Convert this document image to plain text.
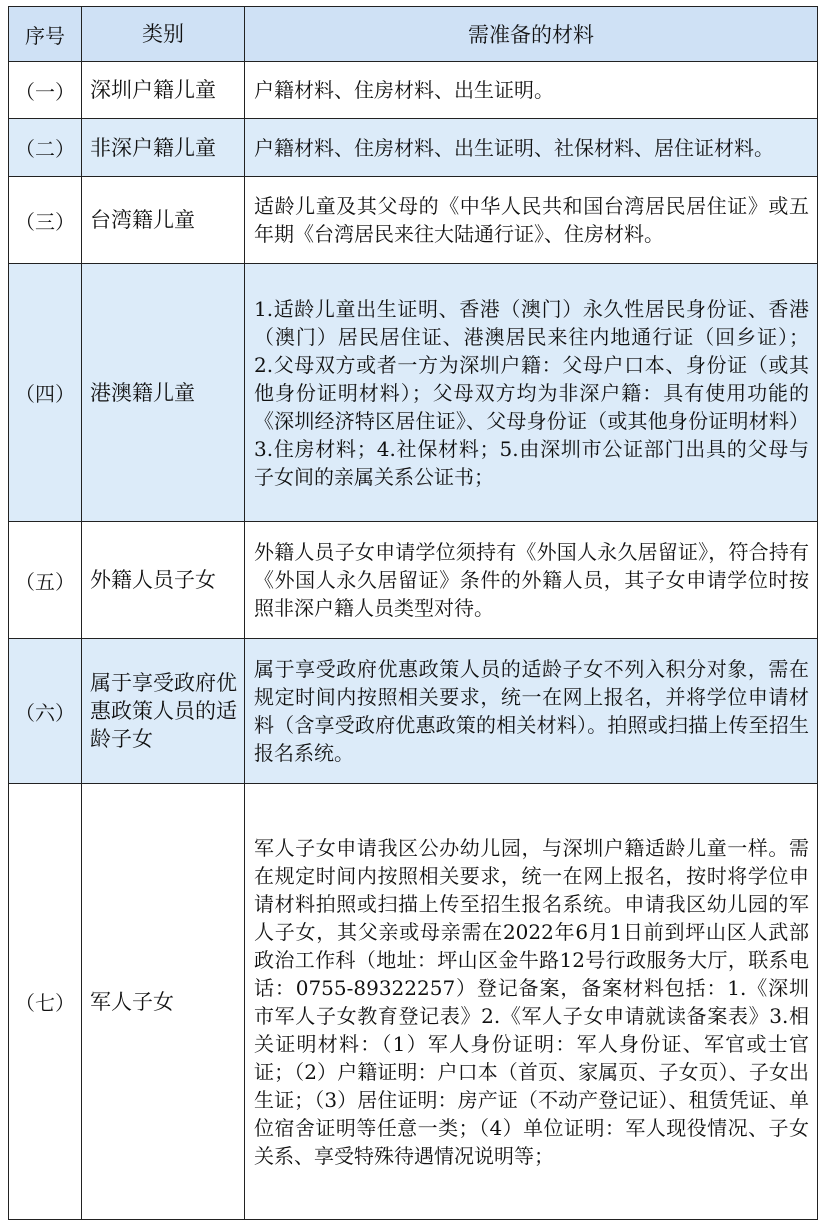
序号	类别	需准备的材料
（一）	深圳户籍儿童	户籍材料、住房材料、出生证明。
（二）	非深户籍儿童	户籍材料、住房材料、出生证明、社保材料、居住证材料。
（三）	台湾籍儿童	适龄儿童及其父母的《中华人民共和国台湾居民居住证》或五年期《台湾居民来往大陆通行证》、住房材料。
（四）	港澳籍儿童	1.适龄儿童出生证明、香港（澳门）永久性居民身份证、香港（澳门）居民居住证、港澳居民来往内地通行证（回乡证）； 2.父母双方或者一方为深圳户籍：父母户口本、身份证（或其他身份证明材料）；父母双方均为非深户籍：具有使用功能的《深圳经济特区居住证》、父母身份证（或其他身份证明材料）3.住房材料；4.社保材料；5.由深圳市公证部门出具的父母与子女间的亲属关系公证书；
（五）	外籍人员子女	外籍人员子女申请学位须持有《外国人永久居留证》，符合持有《外国人永久居留证》条件的外籍人员，其子女申请学位时按照非深户籍人员类型对待。
（六）	属于享受政府优惠政策人员的适龄子女	属于享受政府优惠政策人员的适龄子女不列入积分对象，需在规定时间内按照相关要求，统一在网上报名，并将学位申请材料（含享受政府优惠政策的相关材料）。拍照或扫描上传至招生报名系统。
（七）	军人子女	军人子女申请我区公办幼儿园，与深圳户籍适龄儿童一样。需在规定时间内按照相关要求，统一在网上报名，按时将学位申请材料拍照或扫描上传至招生报名系统。申请我区幼儿园的军人子女，其父亲或母亲需在2022年6月1日前到坪山区人武部政治工作科（地址：坪山区金牛路12号行政服务大厅，联系电话：0755-89322257）登记备案，备案材料包括：1.《深圳市军人子女教育登记表》2.《军人子女申请就读备案表》3.相关证明材料：（1）军人身份证明：军人身份证、军官或士官证；（2）户籍证明：户口本（首页、家属页、子女页）、子女出生证；（3）居住证明：房产证（不动产登记证）、租赁凭证、单位宿舍证明等任意一类；（4）单位证明：军人现役情况、子女关系、享受特殊待遇情况说明等；
